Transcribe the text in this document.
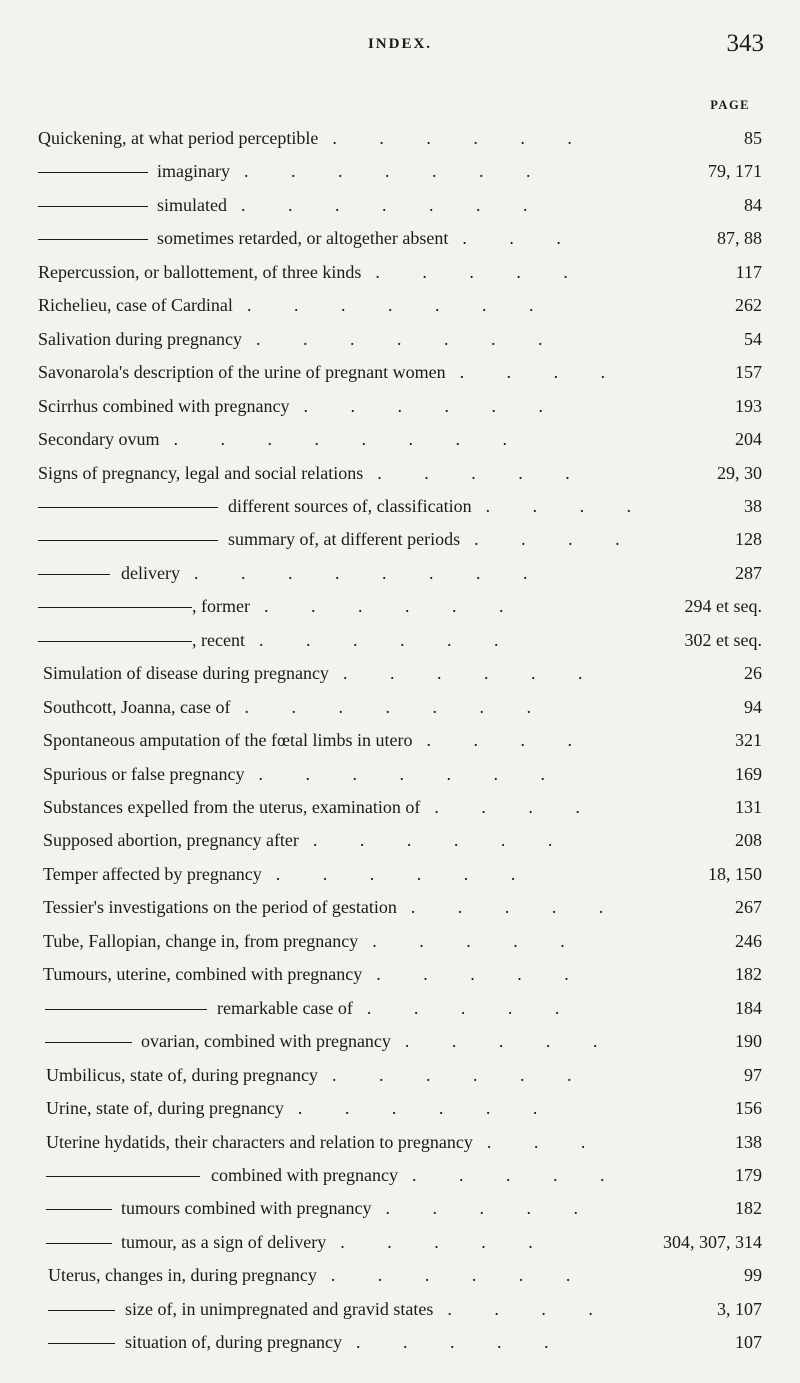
INDEX.	343
PAGE
Quickening, at what period perceptible	85
. . . . . .
imaginary	79, 171
. . . . . . .
simulated	84
. . . . . . .
sometimes retarded, or altogether absent	87, 88
. . .
Repercussion, or ballottement, of three kinds	117
. . . . .
Richelieu, case of Cardinal	262
. . . . . . .
Salivation during pregnancy	54
. . . . . . .
Savonarola's description of the urine of pregnant women	157
. . . .
Scirrhus combined with pregnancy	193
. . . . . .
Secondary ovum	204
. . . . . . . .
Signs of pregnancy, legal and social relations	29, 30
. . . . .
different sources of, classification	38
. . . .
summary of, at different periods	128
. . . .
delivery	287
. . . . . . . .
, former	294 et seq.
. . . . . .
, recent	302 et seq.
. . . . . .
Simulation of disease during pregnancy	26
. . . . . .
Southcott, Joanna, case of	94
. . . . . . .
Spontaneous amputation of the fœtal limbs in utero	321
. . . .
Spurious or false pregnancy	169
. . . . . . .
Substances expelled from the uterus, examination of	131
. . . .
Supposed abortion, pregnancy after	208
. . . . . .
Temper affected by pregnancy	18, 150
. . . . . .
Tessier's investigations on the period of gestation	267
. . . . .
Tube, Fallopian, change in, from pregnancy	246
. . . . .
Tumours, uterine, combined with pregnancy	182
. . . . .
remarkable case of	184
. . . . .
ovarian, combined with pregnancy	190
. . . . .
Umbilicus, state of, during pregnancy	97
. . . . . .
Urine, state of, during pregnancy	156
. . . . . .
Uterine hydatids, their characters and relation to pregnancy	138
. . .
combined with pregnancy	179
. . . . .
tumours combined with pregnancy	182
. . . . .
tumour, as a sign of delivery	304, 307, 314
. . . . .
Uterus, changes in, during pregnancy	99
. . . . . .
size of, in unimpregnated and gravid states	3, 107
. . . .
situation of, during pregnancy	107
. . . . .
